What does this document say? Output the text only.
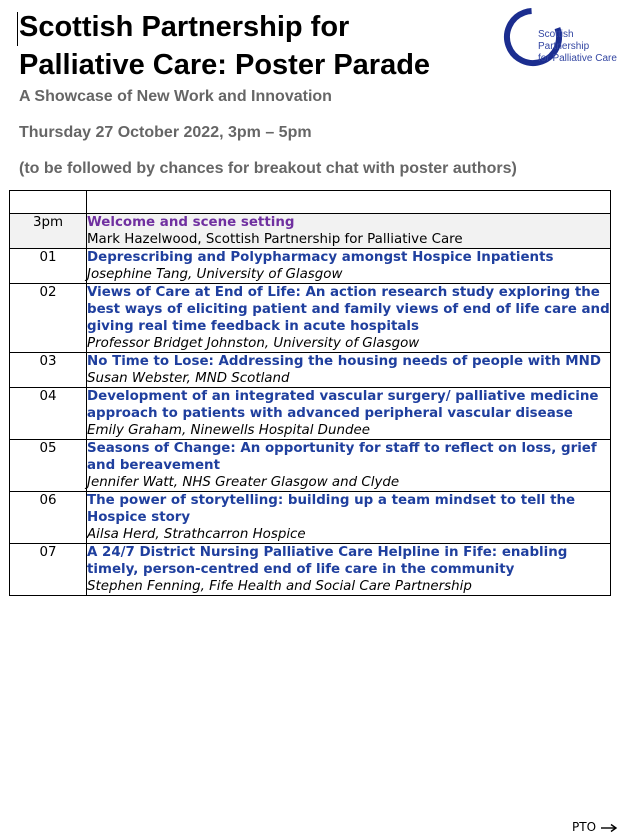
Scottish Partnership for
Palliative Care: Poster Parade
Scottish
Partnership
for Palliative Care

A Showcase of New Work and Innovation

Thursday 27 October 2022, 3pm – 5pm

(to be followed by chances for breakout chat with poster authors)

3pm	Welcome and scene setting
Mark Hazelwood, Scottish Partnership for Palliative Care

01	Deprescribing and Polypharmacy amongst Hospice Inpatients
Josephine Tang, University of Glasgow

02	Views of Care at End of Life: An action research study exploring the best ways of eliciting patient and family views of end of life care and giving real time feedback in acute hospitals
Professor Bridget Johnston, University of Glasgow

03	No Time to Lose: Addressing the housing needs of people with MND
Susan Webster, MND Scotland

04	Development of an integrated vascular surgery/ palliative medicine approach to patients with advanced peripheral vascular disease
Emily Graham, Ninewells Hospital Dundee

05	Seasons of Change: An opportunity for staff to reflect on loss, grief and bereavement
Jennifer Watt, NHS Greater Glasgow and Clyde

06	The power of storytelling: building up a team mindset to tell the Hospice story
Ailsa Herd, Strathcarron Hospice

07	A 24/7 District Nursing Palliative Care Helpline in Fife: enabling timely, person-centred end of life care in the community
Stephen Fenning, Fife Health and Social Care Partnership
PTO
